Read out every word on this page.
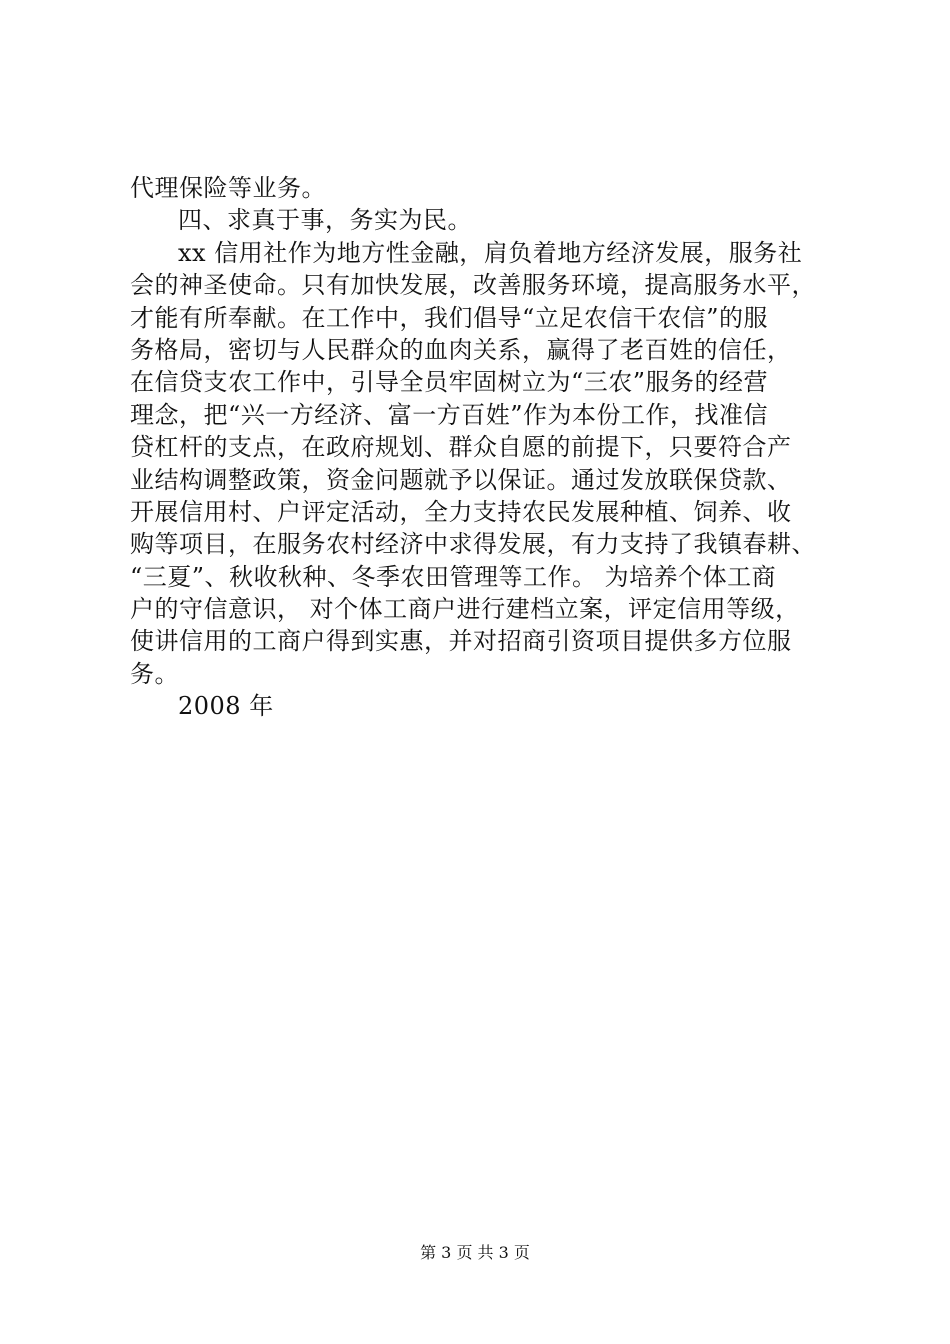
代理保险等业务。
四、求真于事，务实为民。
xx 信用社作为地方性金融，肩负着地方经济发展，服务社
会的神圣使命。只有加快发展，改善服务环境，提高服务水平，
才能有所奉献。在工作中，我们倡导“立足农信干农信”的服
务格局，密切与人民群众的血肉关系，赢得了老百姓的信任，
在信贷支农工作中，引导全员牢固树立为“三农”服务的经营
理念，把“兴一方经济、富一方百姓”作为本份工作，找准信
贷杠杆的支点，在政府规划、群众自愿的前提下，只要符合产
业结构调整政策，资金问题就予以保证。通过发放联保贷款、
开展信用村、户评定活动，全力支持农民发展种植、饲养、收
购等项目，在服务农村经济中求得发展，有力支持了我镇春耕、
“三夏”、秋收秋种、冬季农田管理等工作。 为培养个体工商
户的守信意识， 对个体工商户进行建档立案，评定信用等级，
使讲信用的工商户得到实惠，并对招商引资项目提供多方位服
务。
2008 年
第 3 页 共 3 页
